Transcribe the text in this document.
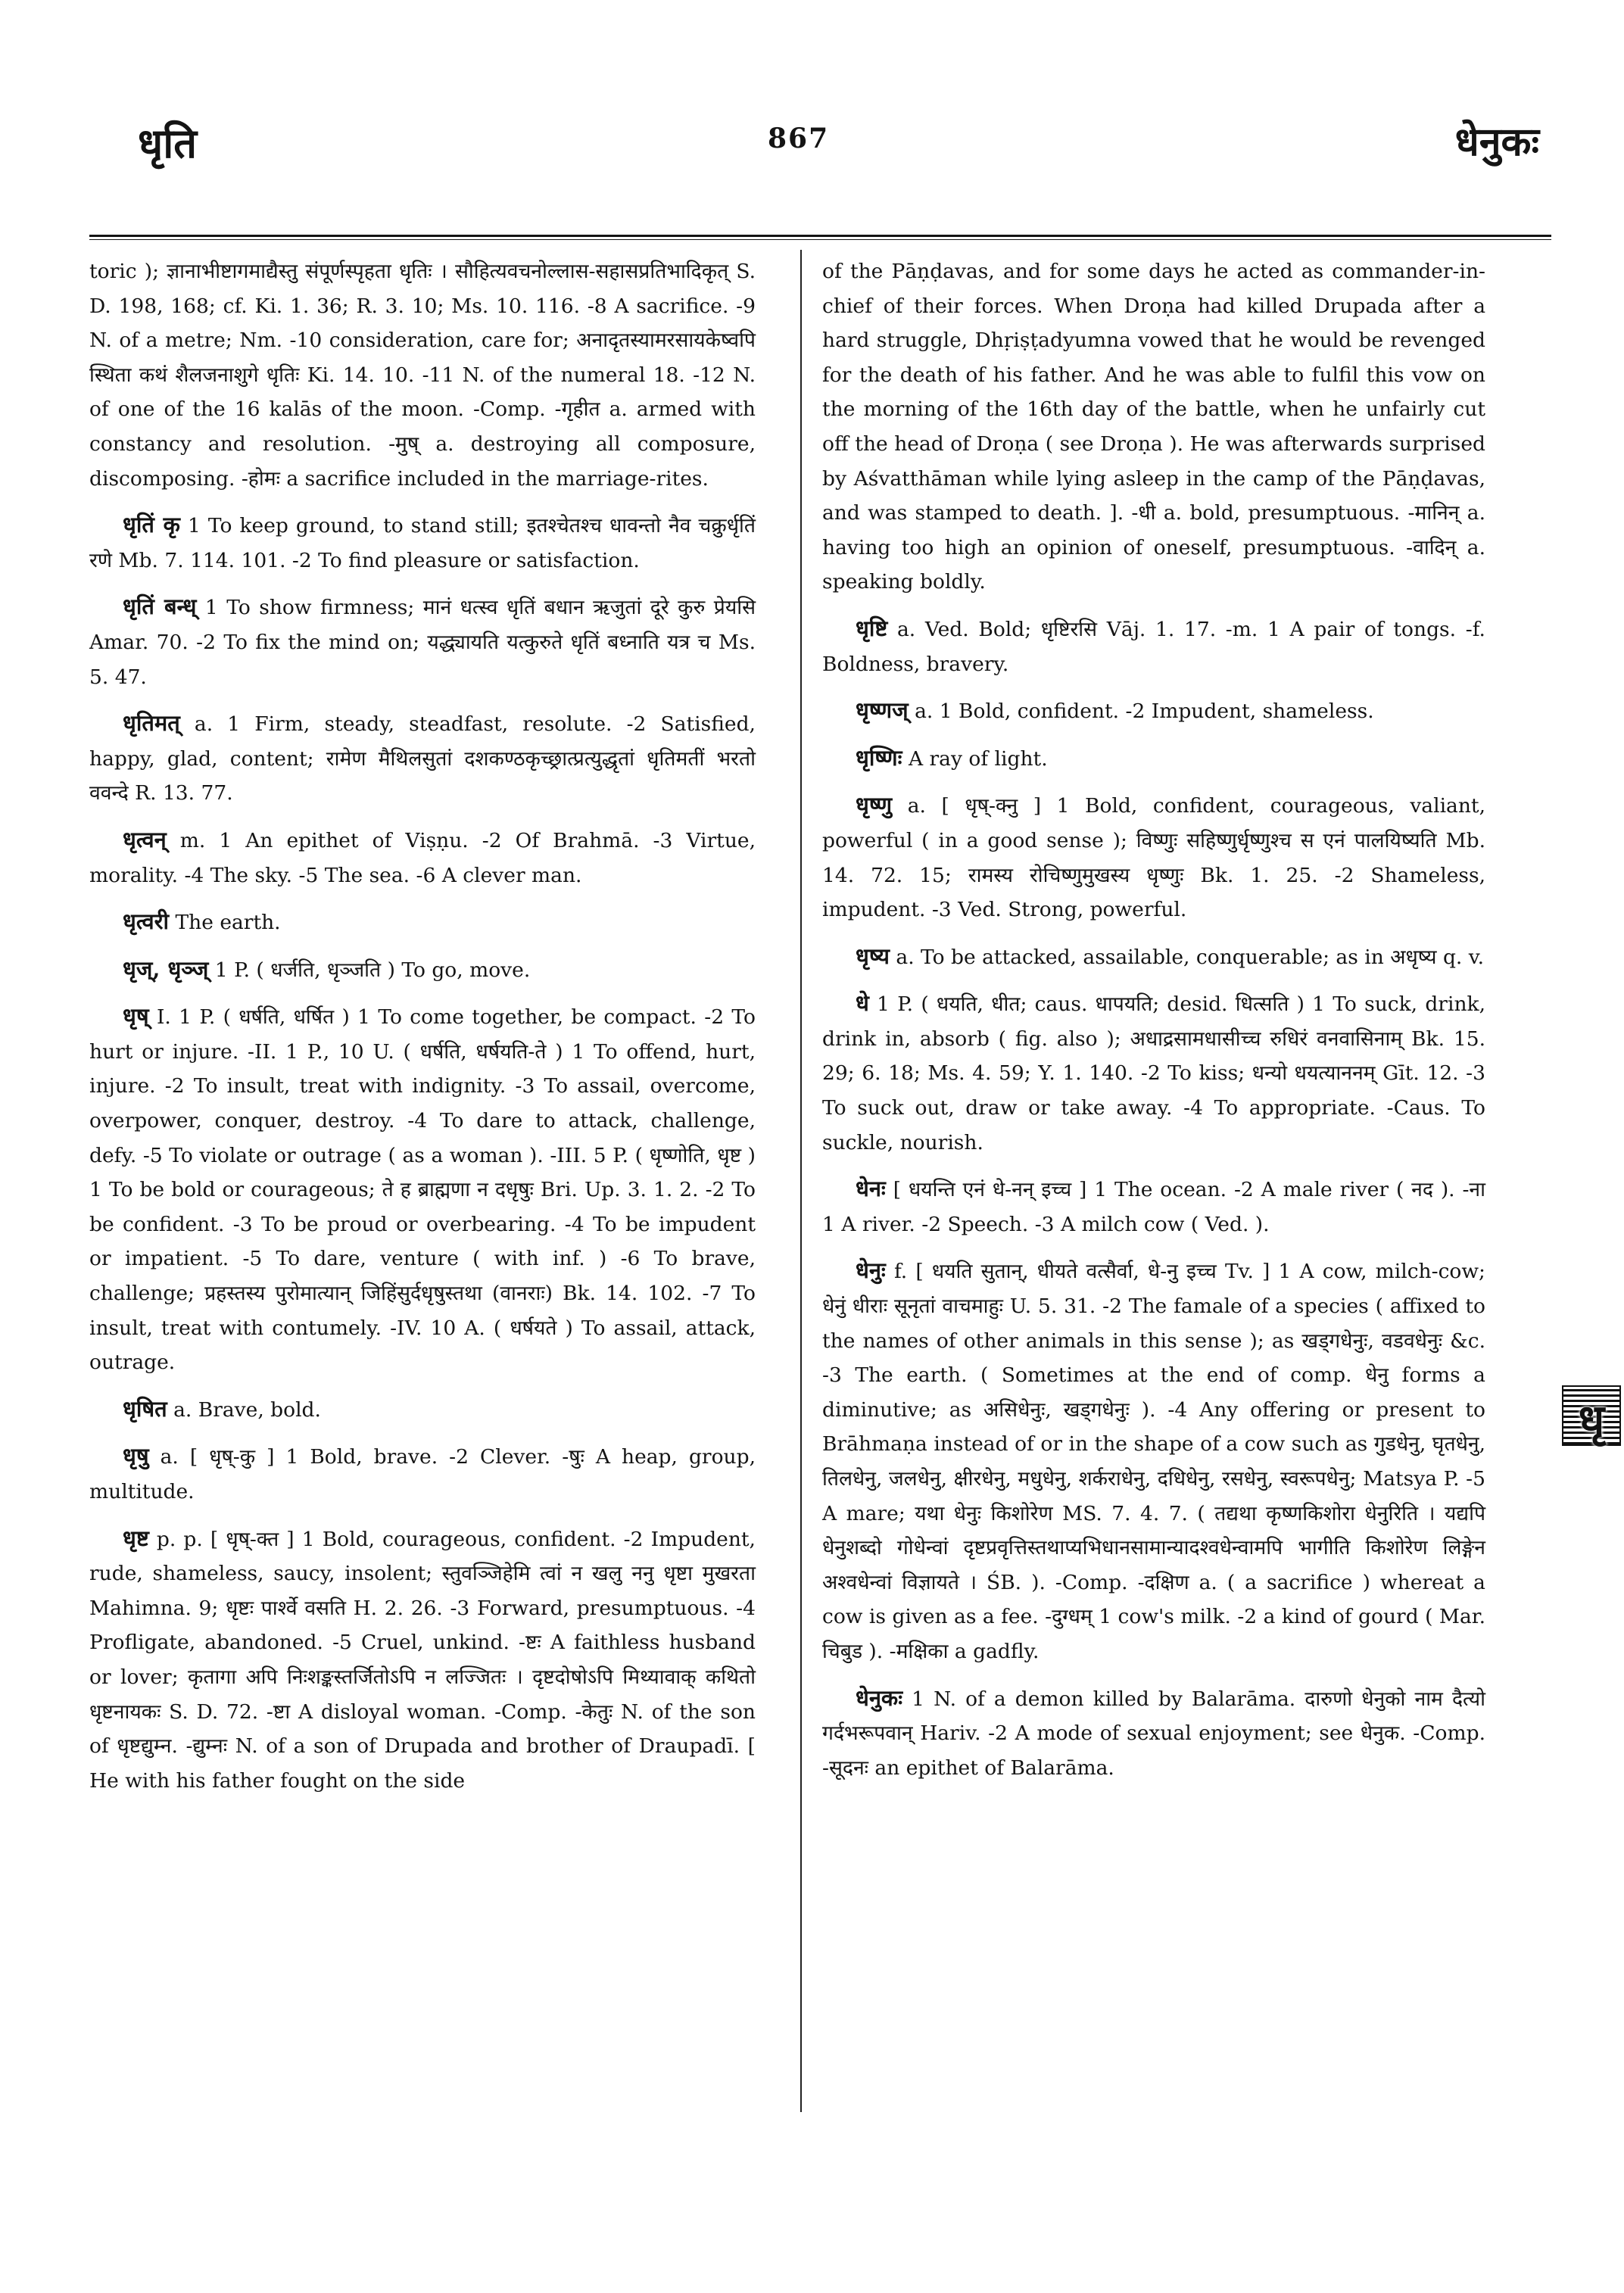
धृति	867	धेनुकः

toric ); ज्ञानाभीष्टागमाद्यैस्तु संपूर्णस्पृहता धृतिः । सौहित्यवचनोल्लास-सहासप्रतिभादिकृत् S. D. 198, 168; cf. Ki. 1. 36; R. 3. 10; Ms. 10. 116. -8 A sacrifice. -9 N. of a metre; Nm. -10 consideration, care for; अनादृतस्यामरसायकेष्वपि स्थिता कथं शैलजनाशुगे धृतिः Ki. 14. 10. -11 N. of the numeral 18. -12 N. of one of the 16 kalās of the moon. -Comp. -गृहीत a. armed with constancy and resolution. -मुष् a. destroying all composure, discomposing. -होमः a sacrifice included in the marriage-rites.

धृतिं कृ 1 To keep ground, to stand still; इतश्चेतश्च धावन्तो नैव चक्रुर्धृतिं रणे Mb. 7. 114. 101. -2 To find pleasure or satisfaction.

धृतिं बन्ध् 1 To show firmness; मानं धत्स्व धृतिं बधान ऋजुतां दूरे कुरु प्रेयसि Amar. 70. -2 To fix the mind on; यद्ध्यायति यत्कुरुते धृतिं बध्नाति यत्र च Ms. 5. 47.

धृतिमत् a. 1 Firm, steady, steadfast, resolute. -2 Satisfied, happy, glad, content; रामेण मैथिलसुतां दशकण्ठकृच्छ्रात्प्रत्युद्धृतां धृतिमतीं भरतो ववन्दे R. 13. 77.

धृत्वन् m. 1 An epithet of Viṣṇu. -2 Of Brahmā. -3 Virtue, morality. -4 The sky. -5 The sea. -6 A clever man.

धृत्वरी The earth.

धृज्, धृञ्ज् 1 P. ( धर्जति, धृञ्जति ) To go, move.

धृष् I. 1 P. ( धर्षति, धर्षित ) 1 To come together, be compact. -2 To hurt or injure. -II. 1 P., 10 U. ( धर्षति, धर्षयति-ते ) 1 To offend, hurt, injure. -2 To insult, treat with indignity. -3 To assail, overcome, overpower, conquer, destroy. -4 To dare to attack, challenge, defy. -5 To violate or outrage ( as a woman ). -III. 5 P. ( धृष्णोति, धृष्ट ) 1 To be bold or courageous; ते ह ब्राह्मणा न दधृषुः Bri. Up. 3. 1. 2. -2 To be confident. -3 To be proud or overbearing. -4 To be impudent or impatient. -5 To dare, venture ( with inf. ) -6 To brave, challenge; प्रहस्तस्य पुरोमात्यान् जिहिंसुर्दधृषुस्तथा (वानराः) Bk. 14. 102. -7 To insult, treat with contumely. -IV. 10 A. ( धर्षयते ) To assail, attack, outrage.

धृषित a. Brave, bold.

धृषु a. [ धृष्-कु ] 1 Bold, brave. -2 Clever. -षुः A heap, group, multitude.

धृष्ट p. p. [ धृष्-क्त ] 1 Bold, courageous, confident. -2 Impudent, rude, shameless, saucy, insolent; स्तुवञ्जिहेमि त्वां न खलु ननु धृष्टा मुखरता Mahimna. 9; धृष्टः पार्श्वे वसति H. 2. 26. -3 Forward, presumptuous. -4 Profligate, abandoned. -5 Cruel, unkind. -ष्टः A faithless husband or lover; कृतागा अपि निःशङ्कस्तर्जितोऽपि न लज्जितः । दृष्टदोषोऽपि मिथ्यावाक् कथितो धृष्टनायकः S. D. 72. -ष्टा A disloyal woman. -Comp. -केतुः N. of the son of धृष्टद्युम्न. -द्युम्नः N. of a son of Drupada and brother of Draupadī. [ He with his father fought on the side

of the Pāṇḍavas, and for some days he acted as commander-in-chief of their forces. When Droṇa had killed Drupada after a hard struggle, Dhṛiṣṭadyumna vowed that he would be revenged for the death of his father. And he was able to fulfil this vow on the morning of the 16th day of the battle, when he unfairly cut off the head of Droṇa ( see Droṇa ). He was afterwards surprised by Aśvatthāman while lying asleep in the camp of the Pāṇḍavas, and was stamped to death. ]. -धी a. bold, presumptuous. -मानिन् a. having too high an opinion of oneself, presumptuous. -वादिन् a. speaking boldly.

धृष्टि a. Ved. Bold; धृष्टिरसि Vāj. 1. 17. -m. 1 A pair of tongs. -f. Boldness, bravery.

धृष्णज् a. 1 Bold, confident. -2 Impudent, shameless.

धृष्णिः A ray of light.

धृष्णु a. [ धृष्-क्नु ] 1 Bold, confident, courageous, valiant, powerful ( in a good sense ); विष्णुः सहिष्णुर्धृष्णुश्च स एनं पालयिष्यति Mb. 14. 72. 15; रामस्य रोचिष्णुमुखस्य धृष्णुः Bk. 1. 25. -2 Shameless, impudent. -3 Ved. Strong, powerful.

धृष्य a. To be attacked, assailable, conquerable; as in अधृष्य q. v.

धे 1 P. ( धयति, धीत; caus. धापयति; desid. धित्सति ) 1 To suck, drink, drink in, absorb ( fig. also ); अधाद्रसामधासीच्च रुधिरं वनवासिनाम् Bk. 15. 29; 6. 18; Ms. 4. 59; Y. 1. 140. -2 To kiss; धन्यो धयत्याननम् Gīt. 12. -3 To suck out, draw or take away. -4 To appropriate. -Caus. To suckle, nourish.

धेनः [ धयन्ति एनं धे-नन् इच्च ] 1 The ocean. -2 A male river ( नद ). -ना 1 A river. -2 Speech. -3 A milch cow ( Ved. ).

धेनुः f. [ धयति सुतान्, धीयते वत्सैर्वा, धे-नु इच्च Tv. ] 1 A cow, milch-cow; धेनुं धीराः सूनृतां वाचमाहुः U. 5. 31. -2 The famale of a species ( affixed to the names of other animals in this sense ); as खड्गधेनुः, वडवधेनुः &c. -3 The earth. ( Sometimes at the end of comp. धेनु forms a diminutive; as असिधेनुः, खड्गधेनुः ). -4 Any offering or present to Brāhmaṇa instead of or in the shape of a cow such as गुडधेनु, घृतधेनु, तिलधेनु, जलधेनु, क्षीरधेनु, मधुधेनु, शर्कराधेनु, दधिधेनु, रसधेनु, स्वरूपधेनु; Matsya P. -5 A mare; यथा धेनुः किशोरेण MS. 7. 4. 7. ( तद्यथा कृष्णकिशोरा धेनुरिति । यद्यपि धेनुशब्दो गोधेन्वां दृष्टप्रवृत्तिस्तथाप्यभिधानसामान्यादश्वधेन्वामपि भागीति किशोरेण लिङ्गेन अश्वधेन्वां विज्ञायते । ŚB. ). -Comp. -दक्षिण a. ( a sacrifice ) whereat a cow is given as a fee. -दुग्धम् 1 cow's milk. -2 a kind of gourd ( Mar. चिबुड ). -मक्षिका a gadfly.

धेनुकः 1 N. of a demon killed by Balarāma. दारुणो धेनुको नाम दैत्यो गर्दभरूपवान् Hariv. -2 A mode of sexual enjoyment; see धेनुक. -Comp. -सूदनः an epithet of Balarāma.

धृ
